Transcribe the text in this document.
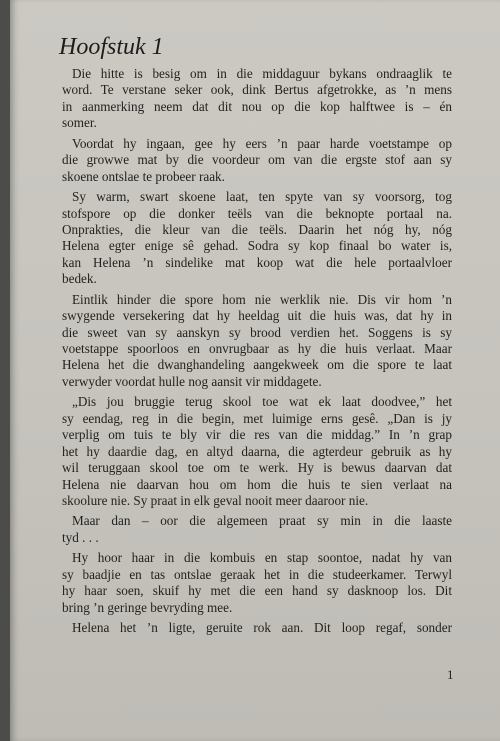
Hoofstuk 1
Die hitte is besig om in die middaguur bykans ondraaglik te
word. Te verstane seker ook, dink Bertus afgetrokke, as ’n mens
in aanmerking neem dat dit nou op die kop halftwee is – én
somer.
Voordat hy ingaan, gee hy eers ’n paar harde voetstampe op
die growwe mat by die voordeur om van die ergste stof aan sy
skoene ontslae te probeer raak.
Sy warm, swart skoene laat, ten spyte van sy voorsorg, tog
stofspore op die donker teëls van die beknopte portaal na.
Onprakties, die kleur van die teëls. Daarin het nóg hy, nóg
Helena egter enige sê gehad. Sodra sy kop finaal bo water is,
kan Helena ’n sindelike mat koop wat die hele portaalvloer
bedek.
Eintlik hinder die spore hom nie werklik nie. Dis vir hom ’n
swygende versekering dat hy heeldag uit die huis was, dat hy in
die sweet van sy aanskyn sy brood verdien het. Soggens is sy
voetstappe spoorloos en onvrugbaar as hy die huis verlaat. Maar
Helena het die dwanghandeling aangekweek om die spore te laat
verwyder voordat hulle nog aansit vir middagete.
„Dis jou bruggie terug skool toe wat ek laat doodvee,” het
sy eendag, reg in die begin, met luimige erns gesê. „Dan is jy
verplig om tuis te bly vir die res van die middag.” In ’n grap
het hy daardie dag, en altyd daarna, die agterdeur gebruik as hy
wil teruggaan skool toe om te werk. Hy is bewus daarvan dat
Helena nie daarvan hou om hom die huis te sien verlaat na
skoolure nie. Sy praat in elk geval nooit meer daaroor nie.
Maar dan – oor die algemeen praat sy min in die laaste
tyd . . .
Hy hoor haar in die kombuis en stap soontoe, nadat hy van
sy baadjie en tas ontslae geraak het in die studeerkamer. Terwyl
hy haar soen, skuif hy met die een hand sy dasknoop los. Dit
bring ’n geringe bevryding mee.
Helena het ’n ligte, geruite rok aan. Dit loop regaf, sonder
1
